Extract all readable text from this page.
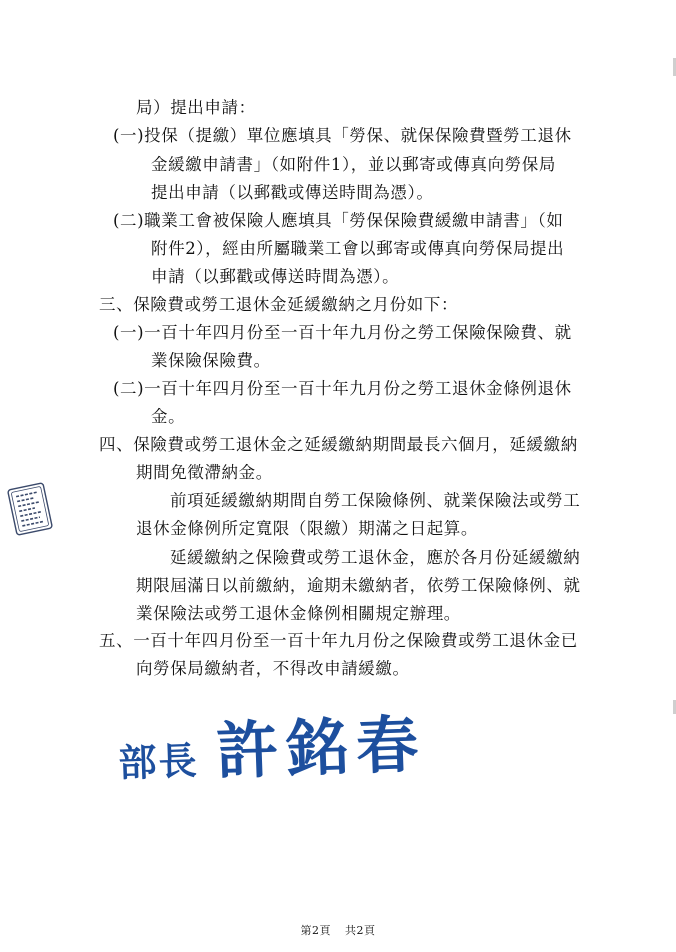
局）提出申請：
(一)投保（提繳）單位應填具「勞保、就保保險費暨勞工退休
金緩繳申請書」（如附件1），並以郵寄或傳真向勞保局
提出申請（以郵戳或傳送時間為憑）。
(二)職業工會被保險人應填具「勞保保險費緩繳申請書」（如
附件2），經由所屬職業工會以郵寄或傳真向勞保局提出
申請（以郵戳或傳送時間為憑）。
三、保險費或勞工退休金延緩繳納之月份如下：
(一)一百十年四月份至一百十年九月份之勞工保險保險費、就
業保險保險費。
(二)一百十年四月份至一百十年九月份之勞工退休金條例退休
金。
四、保險費或勞工退休金之延緩繳納期間最長六個月，延緩繳納
期間免徵滯納金。
前項延緩繳納期間自勞工保險條例、就業保險法或勞工
退休金條例所定寬限（限繳）期滿之日起算。
延緩繳納之保險費或勞工退休金，應於各月份延緩繳納
期限屆滿日以前繳納，逾期未繳納者，依勞工保險條例、就
業保險法或勞工退休金條例相關規定辦理。
五、一百十年四月份至一百十年九月份之保險費或勞工退休金已
向勞保局繳納者，不得改申請緩繳。
部長 許銘春
第2頁 共2頁
